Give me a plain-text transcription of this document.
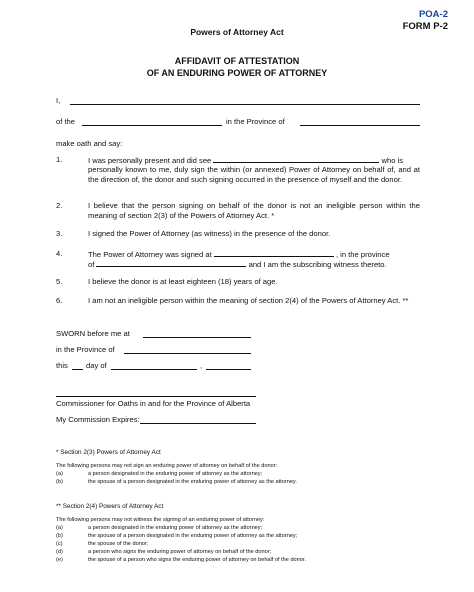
POA-2
FORM P-2
Powers of Attorney Act
AFFIDAVIT OF ATTESTATION
OF AN ENDURING POWER OF ATTORNEY
I,
of the	in the Province of
make oath and say:
1.	I was personally present and did see	who is
personally known to me, duly sign the within (or annexed) Power of Attorney on behalf of, and at the direction of, the donor and such signing occurred in the presence of myself and the donor.
2.	I believe that the person signing on behalf of the donor is not an ineligible person within the meaning of section 2(3) of the Powers of Attorney Act. *
3.	I signed the Power of Attorney (as witness) in the presence of the donor.
4.	The Power of Attorney was signed at	, in the province
of	and I am the subscribing witness thereto.
5.	I believe the donor is at least eighteen (18) years of age.
6.	I am not an ineligible person within the meaning of section 2(4) of the Powers of Attorney Act. **
SWORN before me at
in the Province of
this day of	,
Commissioner for Oaths in and for the Province of Alberta
My Commission Expires:
* Section 2(3) Powers of Attorney Act
The following persons may not sign an enduring power of attorney on behalf of the donor:
(a)	a person designated in the enduring power of attorney as the attorney;
(b)	the spouse of a person designated in the enduring power of attorney as the attorney.
** Section 2(4) Powers of Attorney Act
The following persons may not witness the signing of an enduring power of attorney:
(a)	a person designated in the enduring power of attorney as the attorney;
(b)	the spouse of a person designated in the enduring power of attorney as the attorney;
(c)	the spouse of the donor;
(d)	a person who signs the enduring power of attorney on behalf of the donor;
(e)	the spouse of a person who signs the enduring power of attorney on behalf of the donor.
